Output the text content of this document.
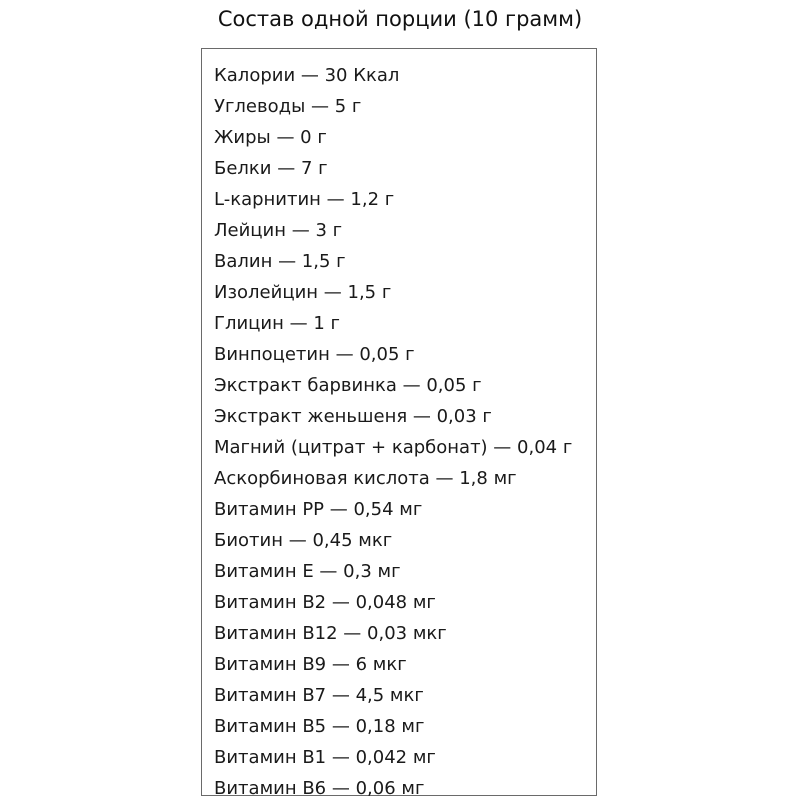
Состав одной порции (10 грамм)
Калории — 30 Ккал
Углеводы — 5 г
Жиры — 0 г
Белки — 7 г
L-карнитин — 1,2 г
Лейцин — 3 г
Валин — 1,5 г
Изолейцин — 1,5 г
Глицин — 1 г
Винпоцетин — 0,05 г
Экстракт барвинка — 0,05 г
Экстракт женьшеня — 0,03 г
Магний (цитрат + карбонат) — 0,04 г
Аскорбиновая кислота — 1,8 мг
Витамин PP — 0,54 мг
Биотин — 0,45 мкг
Витамин E — 0,3 мг
Витамин B2 — 0,048 мг
Витамин B12 — 0,03 мкг
Витамин B9 — 6 мкг
Витамин B7 — 4,5 мкг
Витамин B5 — 0,18 мг
Витамин B1 — 0,042 мг
Витамин B6 — 0,06 мг
